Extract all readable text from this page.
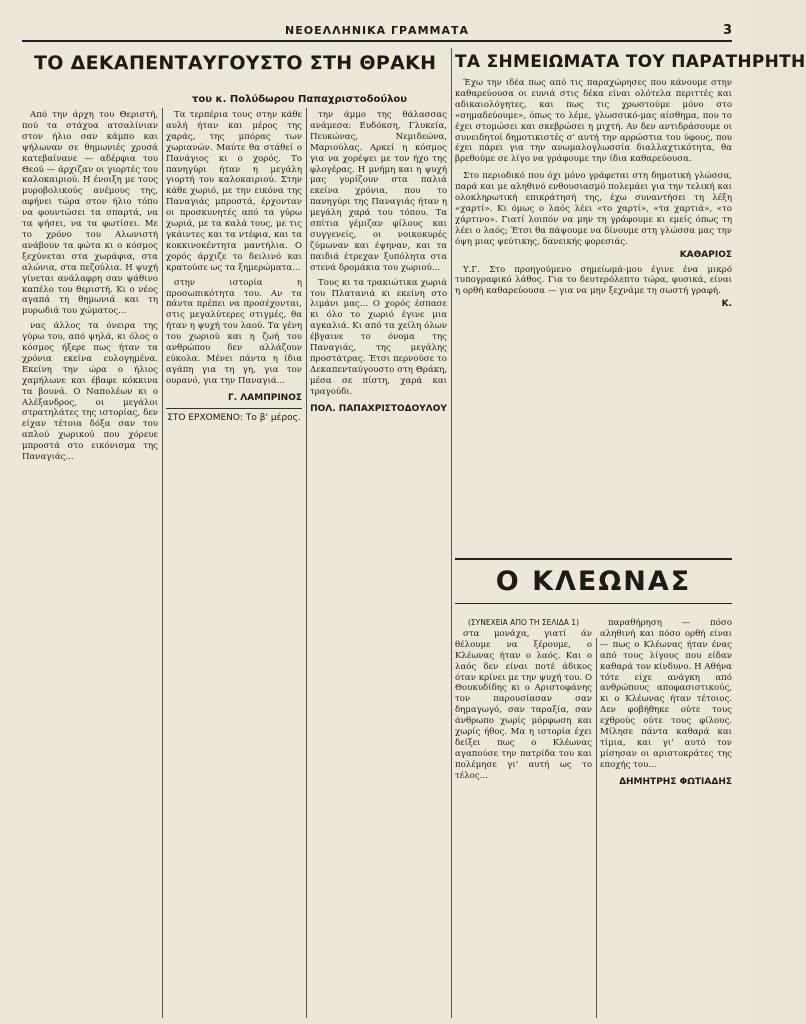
ΝΕΟΕΛΛΗΝΙΚΑ ΓΡΑΜΜΑΤΑ	3
ΤΟ ΔΕΚΑΠΕΝΤΑΥΓΟΥΣΤΟ ΣΤΗ ΘΡΑΚΗ
του κ. Πολύδωρου Παπαχριστοδούλου
ΤΑ ΣΗΜΕΙΩΜΑΤΑ ΤΟΥ ΠΑΡΑΤΗΡΗΤΗ

Από την άρχη του Θεριστή, πού τα στάχυα ατσαλίνιαν στον ήλιο σαν κάμπο και ψήλωναν σε θημωνιές χρυσά κατεβαίνανε — αδέρφια του Θεού — άρχιζαν οι γιορτές του καλοκαιριού. Η ένοιξη με τους μυροβολικούς ανέμους της, αφήνει τώρα στον ήλιο τόπο να φουντώσει τα σπαρτά, να τα ψήσει, να τα φωτίσει. Με το χρόνο του Αλωνιστή ανάβουν τα φώτα κι ο κόσμος ξεχύνεται στα χωράφια, στα αλώνια, στα πεζούλια. Η ψυχή γίνεται ανάλαφρη σαν ψάθινο καπέλο του θεριστή. Κι ο νέος αγαπά τη θημωνιά και τη μυρωδιά του χώματος...

νας άλλος τα όνειρα της γύρω του, από ψηλά, κι όλος ο κόσμος ήξερε πως ήταν τα χρόνια εκείνα ευλογημένα. Εκείνη την ώρα ο ήλιος χαμήλωνε και έβαφε κόκκινα τα βουνά. Ο Ναπολέων κι ο Αλέξανδρος, οι μεγάλοι στρατηλάτες της ιστορίας, δεν είχαν τέτοια δόξα σαν του απλού χωρικού που χόρευε μπροστά στο εικόνισμα της Παναγιάς...

Τα τερπέρια τους στην κάθε αυλή ήταν και μέρος της χαράς, της μπόρας των χωριανών. Μαύτε θα στάθεί ο Πανάγιος κι ο χορός. Το πανηγύρι ήταν η μεγάλη γιορτή του καλοκαιριού. Στην κάθε χωριό, με την εικόνα της Παναγιάς μπροστά, έρχονταν οι προσκυνητές από τα γύρω χωριά, με τα καλά τους, με τις γκάιντες και τα ντέφια, και τα κοκκινοκέντητα μαντήλια. Ο χορός άρχιζε το δειλινό και κρατούσε ως τα ξημερώματα...

στην ιστορία η προσωπικότητα του. Αν τα πάντα πρέπει να προσέχονται, στις μεγαλύτερες στιγμές, θα ήταν η ψυχή του λαού. Τα γένη του χωριού και η ζωή του ανθρώπου δεν αλλάζουν εύκολα. Μένει πάντα η ίδια αγάπη για τη γη, για τον ουρανό, για την Παναγιά...

Γ. ΛΑΜΠΡΙΝΟΣ
ΣΤΟ ΕΡΧΟΜΕΝΟ: Το β' μέρος.

την άμμο της θάλασσας ανάμεσα: Ευδόκση, Γλυκεία, Πευκώνας, Νεμιδεώνα, Μαριούλας. Αρκεί η κόσμος για να χορέψει με τον ήχο της φλογέρας. Η μνήμη και η ψυχή μας γυρίζουν στα παλιά εκείνα χρόνια, που το πανηγύρι της Παναγιάς ήταν η μεγάλη χαρά του τόπου. Τα σπίτια γέμιζαν φίλους και συγγενείς, οι νοικοκυρές ζύμωναν και έψηναν, και τα παιδιά έτρεχαν ξυπόλητα στα στενά δρομάκια του χωριού...

Τους κι τα τρακιώτικα χωριά του Πλατανιά κι εκείνη στο λιμάνι μας... Ο χορός έσπασε κι όλο το χωριό έγινε μια αγκαλιά. Κι από τα χείλη όλων έβγαινε το όνομα της Παναγιάς, της μεγάλης προστάτρας. Έτσι περνούσε το Δεκαπενταύγουστο στη Θράκη, μέσα σε πίστη, χαρά και τραγούδι.

ΠΟΛ. ΠΑΠΑΧΡΙΣΤΟΔΟΥΛΟΥ

Έχω την ιδέα πως από τις παραχώρησες που κάνουμε στην καθαρεύουσα οι ευνιά στις δέκα είναι ολότελα περιττές και αδικαιολόγητες, και πως τις χρωστούμε μόνο στο «σημαδεύουμε», όπως το λέμε, γλωσσικό-μας αίσθημα, που το έχει στομώσει και σκεβρώσει η μιχτή. Αν δεν αντιδράσουμε οι συνειδητοί δημοτικιστές σ' αυτή την αρρώστια του ύφους, που έχει πάρει για την ανωμαλογλωσσία διαλλαχτικότητα, θα βρεθούμε σε λίγο να γράφουμε την ίδια καθαρεύουσα.

Στο περιοδικό που όχι μόνο γράφεται στη δημοτική γλώσσα, παρά και με αληθινό ενθουσιασμό πολεμάει για την τελική και ολοκληρωτική επικράτησή της, έχω συναντήσει τη λέξη «χαρτί». Κι όμως ο λαός λέει «το χαρτί», «τα χαρτιά», «το χάρτινο». Γιατί λοιπόν να μην τη γράφουμε κι εμείς όπως τη λέει ο λαός; Έτσι θα πάψουμε να δίνουμε στη γλώσσα μας την όψη μιας ψεύτικης, δανεικής φορεσιάς.

ΚΑΘΑΡΙΟΣ

Υ.Γ. Στο προηγούμενο σημείωμά-μου έγινε ένα μικρό τυπογραφικό λάθος. Για το δευτερόλεπτο τώρα, φυσικά, είναι η ορθή καθαρεύουσα — για να μην ξεχνάμε τη σωστή γραφή.

Κ.
Ο ΚΛΕΩΝΑΣ
(ΣΥΝΕΧΕΙΑ ΑΠΟ ΤΗ ΣΕΛΙΔΑ 1)

στα μονάχα, γιατί άν θέλουμε να ξέρουμε, ο Κλέωνας ήταν ο λαός. Και ο λαός δεν είναι ποτέ άδικος όταν κρίνει με την ψυχή του. Ο Θουκυδίδης κι ο Αριστοφάνης τον παρουσίασαν σαν δημαγωγό, σαν ταραξία, σαν άνθρωπο χωρίς μόρφωση και χωρίς ήθος. Μα η ιστορία έχει δείξει πως ο Κλέωνας αγαπούσε την πατρίδα του και πολέμησε γι' αυτή ως το τέλος...

παραθήρηση — πόσο αληθινή και πόσο ορθή είναι — πως ο Κλέωνας ήταν ένας από τους λίγους που είδαν καθαρά τον κίνδυνο. Η Αθήνα τότε είχε ανάγκη από ανθρώπους αποφασιστικούς, κι ο Κλέωνας ήταν τέτοιος. Δεν φοβήθηκε ούτε τους εχθρούς ούτε τους φίλους. Μίλησε πάντα καθαρά και τίμια, και γι' αυτό τον μίσησαν οι αριστοκράτες της εποχής του...

ΔΗΜΗΤΡΗΣ ΦΩΤΙΑΔΗΣ
